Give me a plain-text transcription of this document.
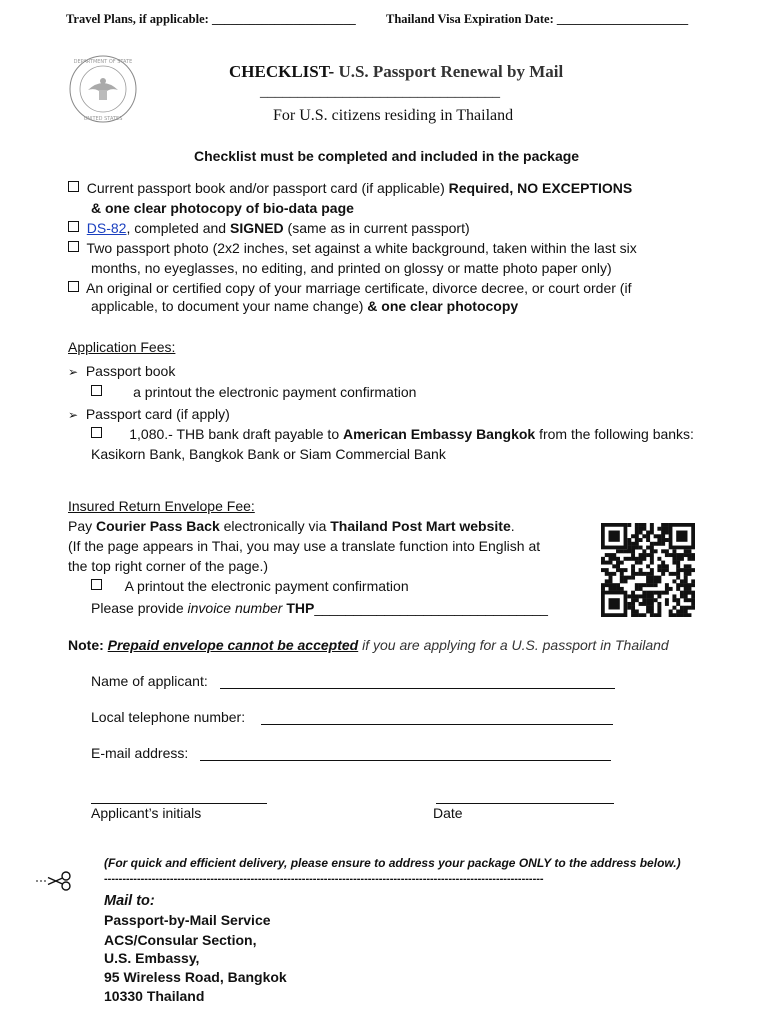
Travel Plans, if applicable: _______________________ Thailand Visa Expiration Date: _____________________
DEPARTMENT OF STATE
UNITED STATES
CHECKLIST- U.S. Passport Renewal by Mail
________________________________
For U.S. citizens residing in Thailand
Checklist must be completed and included in the package
Current passport book and/or passport card (if applicable) Required, NO EXCEPTIONS
& one clear photocopy of bio-data page
DS-82, completed and SIGNED (same as in current passport)
Two passport photo (2x2 inches, set against a white background, taken within the last six
months, no eyeglasses, no editing, and printed on glossy or matte photo paper only)
An original or certified copy of your marriage certificate, divorce decree, or court order (if
applicable, to document your name change) & one clear photocopy
Application Fees:
➢ Passport book
a printout the electronic payment confirmation
➢ Passport card (if apply)
1,080.- THB bank draft payable to American Embassy Bangkok from the following banks:
Kasikorn Bank, Bangkok Bank or Siam Commercial Bank
Insured Return Envelope Fee:
Pay Courier Pass Back electronically via Thailand Post Mart website.
(If the page appears in Thai, you may use a translate function into English at
the top right corner of the page.)
A printout the electronic payment confirmation
Please provide invoice number THP______________________________
Note: Prepaid envelope cannot be accepted if you are applying for a U.S. passport in Thailand
Name of applicant:
Local telephone number:
E-mail address:
Applicant’s initials	Date
(For quick and efficient delivery, please ensure to address your package ONLY to the address below.)
------------------------------------------------------------------------------------------------------------------------
Mail to:
Passport-by-Mail Service
ACS/Consular Section,
U.S. Embassy,
95 Wireless Road, Bangkok
10330 Thailand
